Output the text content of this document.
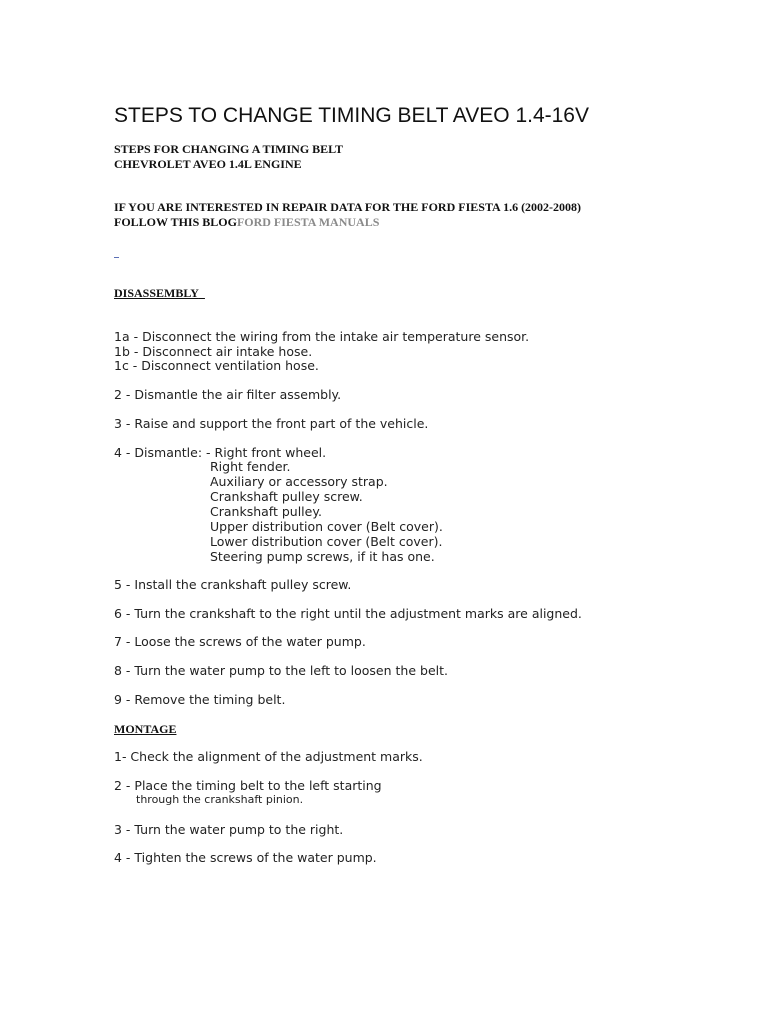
STEPS TO CHANGE TIMING BELT AVEO 1.4-16V
STEPS FOR CHANGING A TIMING BELT
CHEVROLET AVEO 1.4L ENGINE
IF YOU ARE INTERESTED IN REPAIR DATA FOR THE FORD FIESTA 1.6 (2002-2008)
FOLLOW THIS BLOGFORD FIESTA MANUALS
DISASSEMBLY
1a - Disconnect the wiring from the intake air temperature sensor.
1b - Disconnect air intake hose.
1c - Disconnect ventilation hose.
2 - Dismantle the air filter assembly.
3 - Raise and support the front part of the vehicle.
4 - Dismantle: - Right front wheel.
Right fender.
Auxiliary or accessory strap.
Crankshaft pulley screw.
Crankshaft pulley.
Upper distribution cover (Belt cover).
Lower distribution cover (Belt cover).
Steering pump screws, if it has one.
5 - Install the crankshaft pulley screw.
6 - Turn the crankshaft to the right until the adjustment marks are aligned.
7 - Loose the screws of the water pump.
8 - Turn the water pump to the left to loosen the belt.
9 - Remove the timing belt.
MONTAGE
1- Check the alignment of the adjustment marks.
2 - Place the timing belt to the left starting
through the crankshaft pinion.
3 - Turn the water pump to the right.
4 - Tighten the screws of the water pump.
